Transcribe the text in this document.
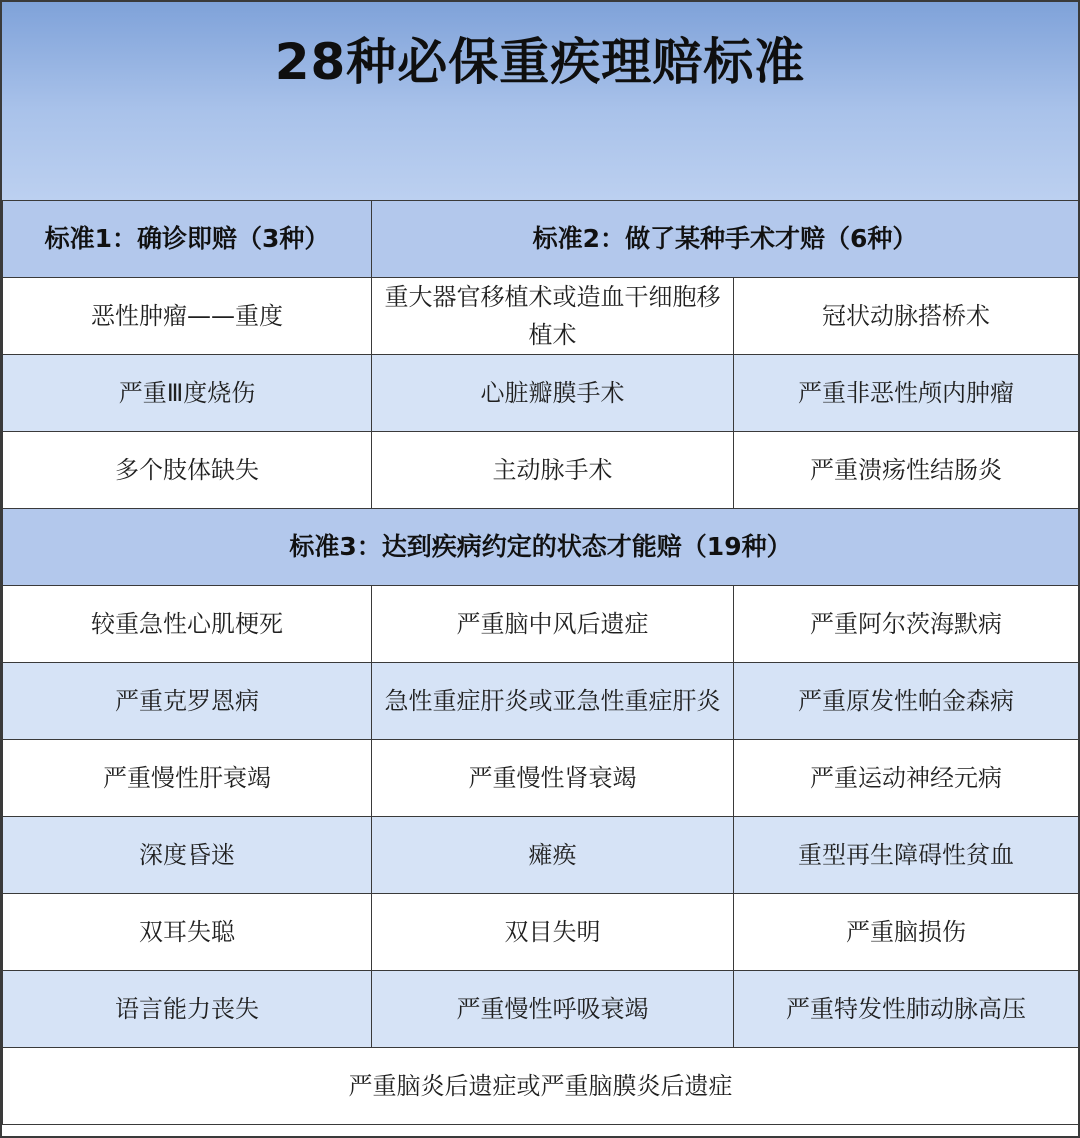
28种必保重疾理赔标准
标准1：确诊即赔（3种）	标准2：做了某种手术才赔（6种）	
恶性肿瘤——重度	重大器官移植术或造血干细胞移植术	冠状动脉搭桥术
严重Ⅲ度烧伤	心脏瓣膜手术	严重非恶性颅内肿瘤
多个肢体缺失	主动脉手术	严重溃疡性结肠炎
标准3：达到疾病约定的状态才能赔（19种）		
较重急性心肌梗死	严重脑中风后遗症	严重阿尔茨海默病
严重克罗恩病	急性重症肝炎或亚急性重症肝炎	严重原发性帕金森病
严重慢性肝衰竭	严重慢性肾衰竭	严重运动神经元病
深度昏迷	瘫痪	重型再生障碍性贫血
双耳失聪	双目失明	严重脑损伤
语言能力丧失	严重慢性呼吸衰竭	严重特发性肺动脉高压
严重脑炎后遗症或严重脑膜炎后遗症		
